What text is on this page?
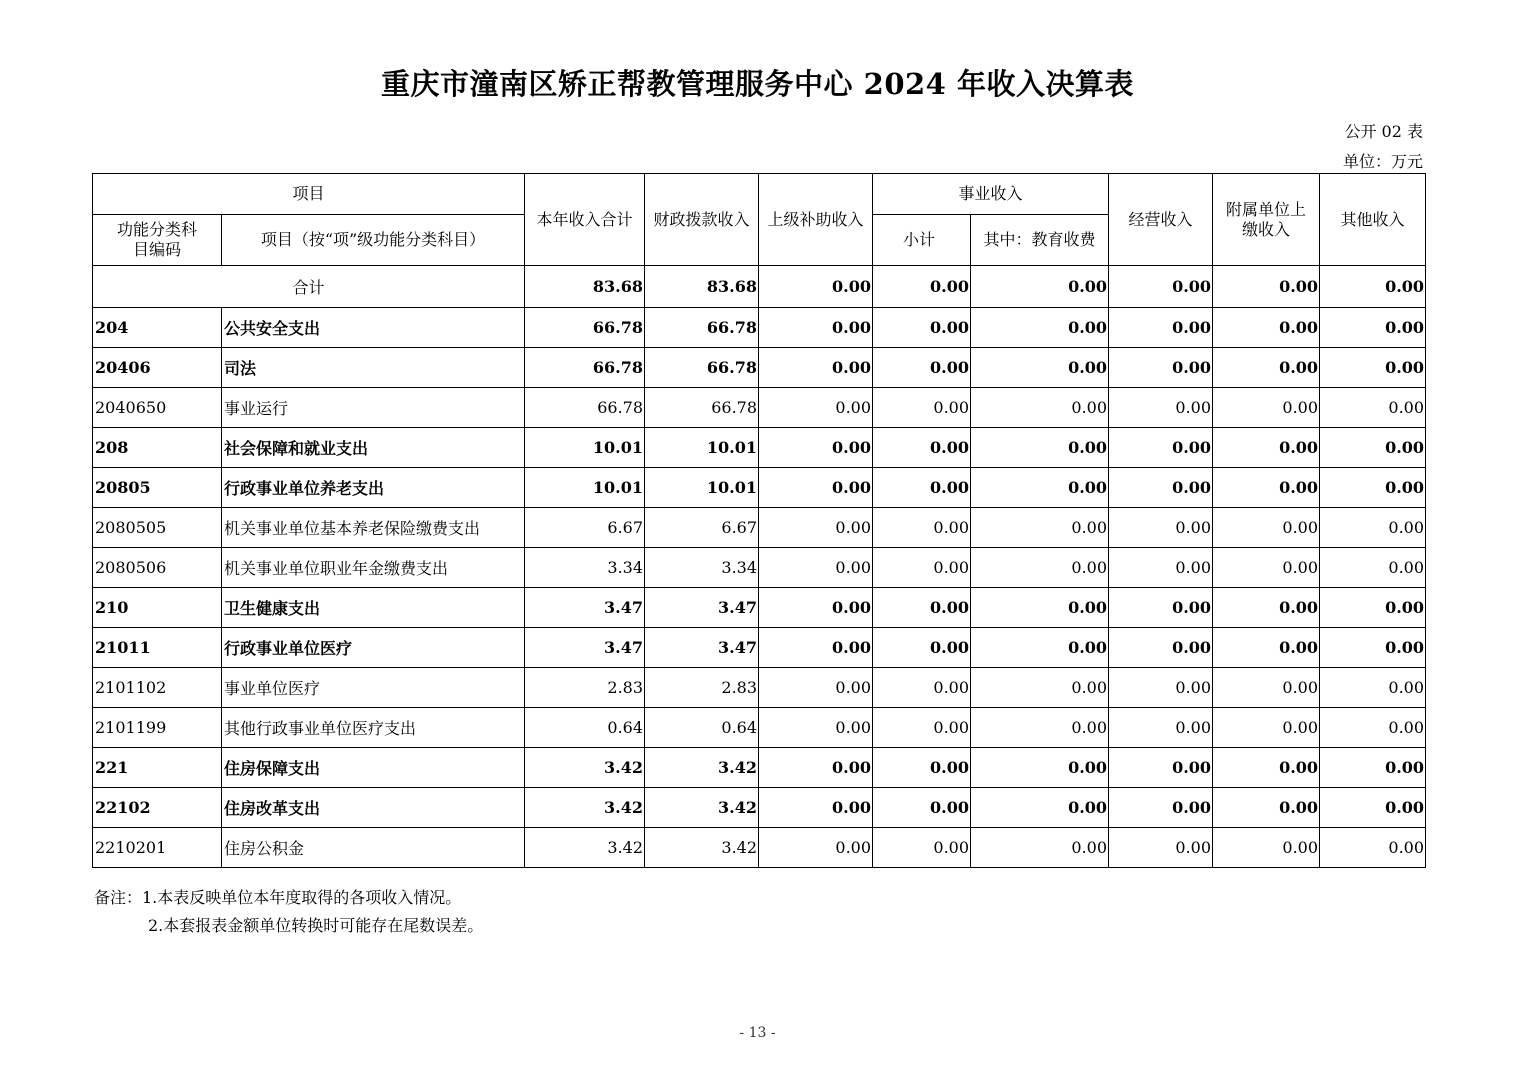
重庆市潼南区矫正帮教管理服务中心 2024 年收入决算表
公开 02 表
单位：万元
项目		本年收入合计	财政拨款收入	上级补助收入	事业收入		经营收入	附属单位上缴收入	其他收入
功能分类科目编码	项目（按“项”级功能分类科目）				小计	其中：教育收费			
合计		83.68	83.68	0.00	0.00	0.00	0.00	0.00	0.00
204	公共安全支出	66.78	66.78	0.00	0.00	0.00	0.00	0.00	0.00
20406	司法	66.78	66.78	0.00	0.00	0.00	0.00	0.00	0.00
2040650	事业运行	66.78	66.78	0.00	0.00	0.00	0.00	0.00	0.00
208	社会保障和就业支出	10.01	10.01	0.00	0.00	0.00	0.00	0.00	0.00
20805	行政事业单位养老支出	10.01	10.01	0.00	0.00	0.00	0.00	0.00	0.00
2080505	机关事业单位基本养老保险缴费支出	6.67	6.67	0.00	0.00	0.00	0.00	0.00	0.00
2080506	机关事业单位职业年金缴费支出	3.34	3.34	0.00	0.00	0.00	0.00	0.00	0.00
210	卫生健康支出	3.47	3.47	0.00	0.00	0.00	0.00	0.00	0.00
21011	行政事业单位医疗	3.47	3.47	0.00	0.00	0.00	0.00	0.00	0.00
2101102	事业单位医疗	2.83	2.83	0.00	0.00	0.00	0.00	0.00	0.00
2101199	其他行政事业单位医疗支出	0.64	0.64	0.00	0.00	0.00	0.00	0.00	0.00
221	住房保障支出	3.42	3.42	0.00	0.00	0.00	0.00	0.00	0.00
22102	住房改革支出	3.42	3.42	0.00	0.00	0.00	0.00	0.00	0.00
2210201	住房公积金	3.42	3.42	0.00	0.00	0.00	0.00	0.00	0.00
备注：1.本表反映单位本年度取得的各项收入情况。
2.本套报表金额单位转换时可能存在尾数误差。
- 13 -
